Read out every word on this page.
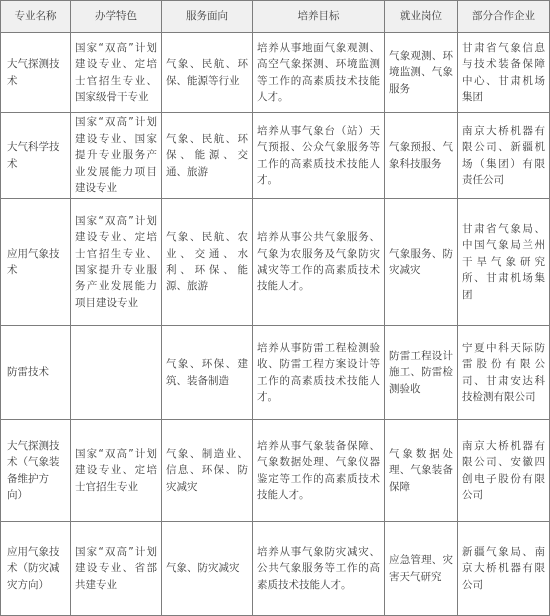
专业名称	办学特色	服务面向	培养目标	就业岗位	部分合作企业
大气探测技术	国家“双高”计划建设专业、定培士官招生专业、国家级骨干专业	气象、民航、环保、能源等行业	培养从事地面气象观测、高空气象探测、环境监测等工作的高素质技术技能人才。	气象观测、环境监测、气象服务	甘肃省气象信息与技术装备保障中心、甘肃机场集团
大气科学技术	国家“双高”计划建设专业、国家提升专业服务产业发展能力项目建设专业	气象、民航、环保、能源、交通、旅游	培养从事气象台（站）天气预报、公众气象服务等工作的高素质技术技能人才。	气象预报、气象科技服务	南京大桥机器有限公司、新疆机场（集团）有限责任公司
应用气象技术	国家“双高”计划建设专业、定培士官招生专业、国家提升专业服务产业发展能力项目建设专业	气象、民航、农业、交通、水利、环保、能源、旅游	培养从事公共气象服务、气象为农服务及气象防灾减灾等工作的高素质技术技能人才。	气象服务、防灾减灾	甘肃省气象局、中国气象局兰州干旱气象研究所、甘肃机场集团
防雷技术		气象、环保、建筑、装备制造	培养从事防雷工程检测验收、防雷工程方案设计等工作的高素质技术技能人才。	防雷工程设计施工、防雷检测验收	宁夏中科天际防雷股份有限公司、甘肃安达科技检测有限公司
大气探测技术（气象装备维护方向）	国家“双高”计划建设专业、定培士官招生专业	气象、制造业、信息、环保、防灾减灾	培养从事气象装备保障、气象数据处理、气象仪器鉴定等工作的高素质技术技能人才。	气象数据处理、气象装备保障	南京大桥机器有限公司、安徽四创电子股份有限公司
应用气象技术（防灾减灾方向）	国家“双高”计划建设专业、省部共建专业	气象、防灾减灾	培养从事气象防灾减灾、公共气象服务等工作的高素质技术技能人才。	应急管理、灾害天气研究	新疆气象局、南京大桥机器有限公司
